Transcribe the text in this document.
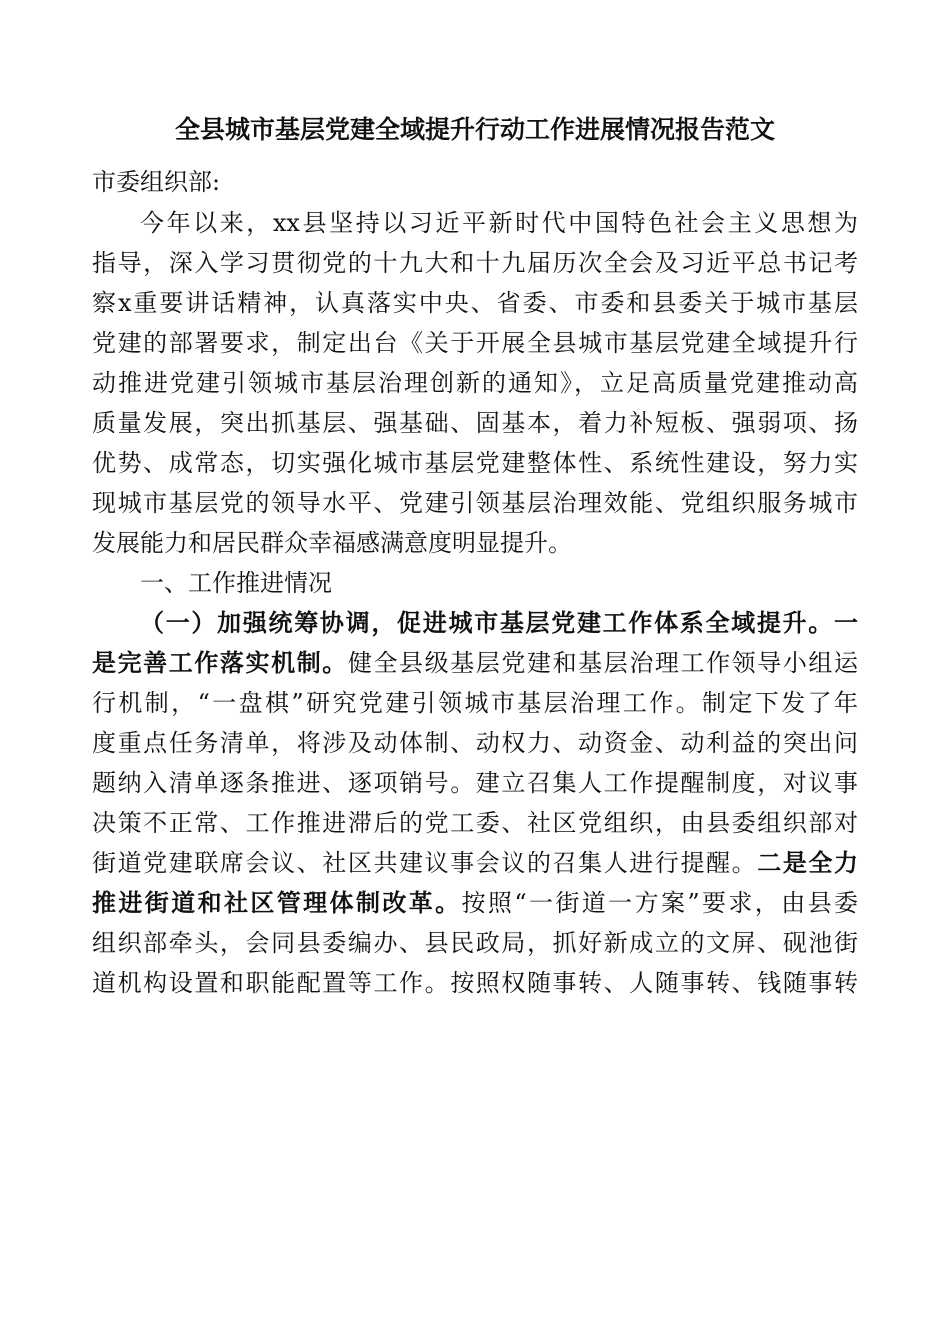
全县城市基层党建全域提升行动工作进展情况报告范文
市委组织部:
今年以来，xx县坚持以习近平新时代中国特色社会主义思想为
指导，深入学习贯彻党的十九大和十九届历次全会及习近平总书记考
察x重要讲话精神，认真落实中央、省委、市委和县委关于城市基层
党建的部署要求，制定出台《关于开展全县城市基层党建全域提升行
动推进党建引领城市基层治理创新的通知》，立足高质量党建推动高
质量发展，突出抓基层、强基础、固基本，着力补短板、强弱项、扬
优势、成常态，切实强化城市基层党建整体性、系统性建设，努力实
现城市基层党的领导水平、党建引领基层治理效能、党组织服务城市
发展能力和居民群众幸福感满意度明显提升。
一、工作推进情况
（一）加强统筹协调，促进城市基层党建工作体系全域提升。一
是完善工作落实机制。健全县级基层党建和基层治理工作领导小组运
行机制，“一盘棋”研究党建引领城市基层治理工作。制定下发了年
度重点任务清单，将涉及动体制、动权力、动资金、动利益的突出问
题纳入清单逐条推进、逐项销号。建立召集人工作提醒制度，对议事
决策不正常、工作推进滞后的党工委、社区党组织，由县委组织部对
街道党建联席会议、社区共建议事会议的召集人进行提醒。二是全力
推进街道和社区管理体制改革。按照“一街道一方案”要求，由县委
组织部牵头，会同县委编办、县民政局，抓好新成立的文屏、砚池街
道机构设置和职能配置等工作。按照权随事转、人随事转、钱随事转
